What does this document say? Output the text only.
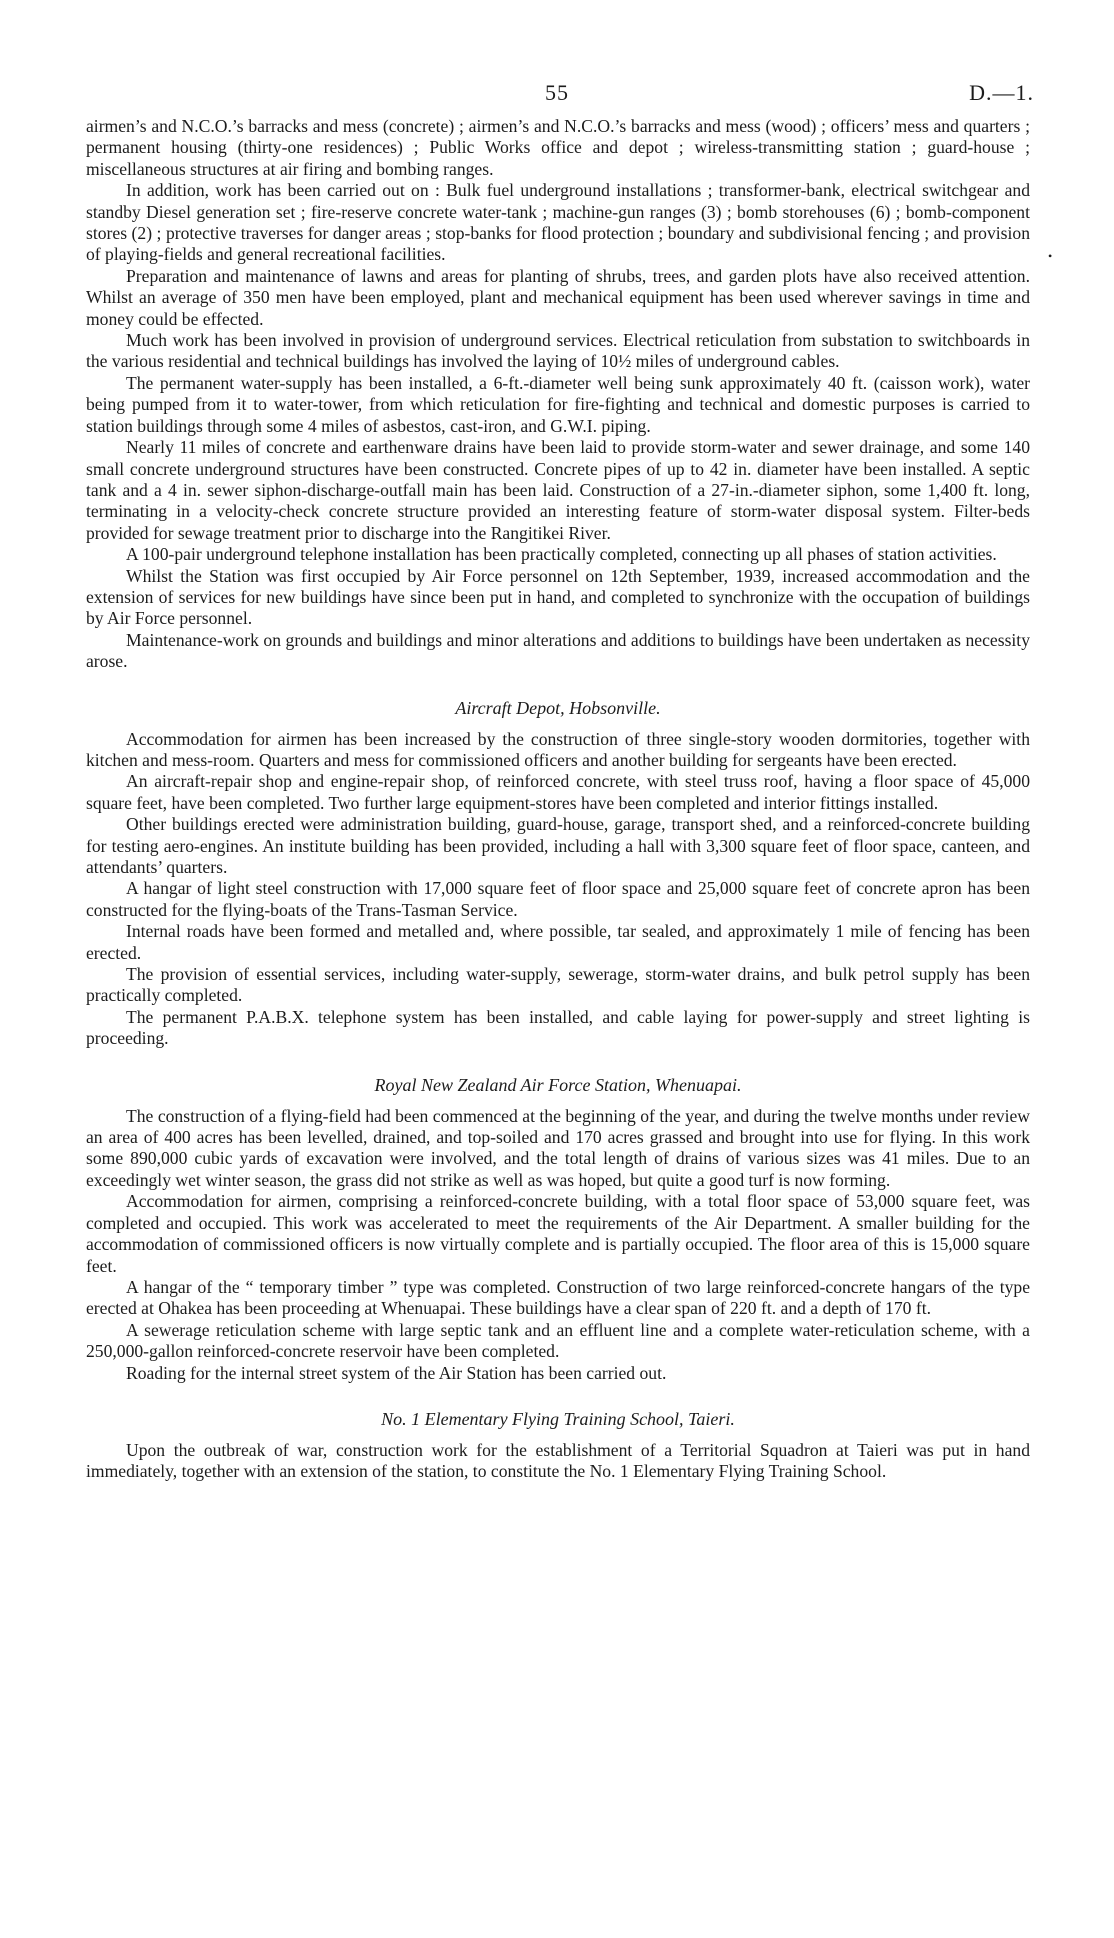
55	D.—1.
•

airmen’s and N.C.O.’s barracks and mess (concrete) ; airmen’s and N.C.O.’s barracks and mess (wood) ; officers’ mess and quarters ; permanent housing (thirty-one residences) ; Public Works office and depot ; wireless-transmitting station ; guard-house ; miscellaneous structures at air firing and bombing ranges.

In addition, work has been carried out on : Bulk fuel underground installations ; transformer-bank, electrical switchgear and standby Diesel generation set ; fire-reserve concrete water-tank ; machine-gun ranges (3) ; bomb storehouses (6) ; bomb-component stores (2) ; protective traverses for danger areas ; stop-banks for flood protection ; boundary and subdivisional fencing ; and provision of playing-fields and general recreational facilities.

Preparation and maintenance of lawns and areas for planting of shrubs, trees, and garden plots have also received attention. Whilst an average of 350 men have been employed, plant and mechanical equipment has been used wherever savings in time and money could be effected.

Much work has been involved in provision of underground services. Electrical reticulation from substation to switchboards in the various residential and technical buildings has involved the laying of 10½ miles of underground cables.

The permanent water-supply has been installed, a 6-ft.-diameter well being sunk approximately 40 ft. (caisson work), water being pumped from it to water-tower, from which reticulation for fire-fighting and technical and domestic purposes is carried to station buildings through some 4 miles of asbestos, cast-iron, and G.W.I. piping.

Nearly 11 miles of concrete and earthenware drains have been laid to provide storm-water and sewer drainage, and some 140 small concrete underground structures have been constructed. Concrete pipes of up to 42 in. diameter have been installed. A septic tank and a 4 in. sewer siphon-discharge-outfall main has been laid. Construction of a 27-in.-diameter siphon, some 1,400 ft. long, terminating in a velocity-check concrete structure provided an interesting feature of storm-water disposal system. Filter-beds provided for sewage treatment prior to discharge into the Rangitikei River.

A 100-pair underground telephone installation has been practically completed, connecting up all phases of station activities.

Whilst the Station was first occupied by Air Force personnel on 12th September, 1939, increased accommodation and the extension of services for new buildings have since been put in hand, and completed to synchronize with the occupation of buildings by Air Force personnel.

Maintenance-work on grounds and buildings and minor alterations and additions to buildings have been undertaken as necessity arose.

Aircraft Depot, Hobsonville.

Accommodation for airmen has been increased by the construction of three single-story wooden dormitories, together with kitchen and mess-room. Quarters and mess for commissioned officers and another building for sergeants have been erected.

An aircraft-repair shop and engine-repair shop, of reinforced concrete, with steel truss roof, having a floor space of 45,000 square feet, have been completed. Two further large equipment-stores have been completed and interior fittings installed.

Other buildings erected were administration building, guard-house, garage, transport shed, and a reinforced-concrete building for testing aero-engines. An institute building has been provided, including a hall with 3,300 square feet of floor space, canteen, and attendants’ quarters.

A hangar of light steel construction with 17,000 square feet of floor space and 25,000 square feet of concrete apron has been constructed for the flying-boats of the Trans-Tasman Service.

Internal roads have been formed and metalled and, where possible, tar sealed, and approximately 1 mile of fencing has been erected.

The provision of essential services, including water-supply, sewerage, storm-water drains, and bulk petrol supply has been practically completed.

The permanent P.A.B.X. telephone system has been installed, and cable laying for power-supply and street lighting is proceeding.

Royal New Zealand Air Force Station, Whenuapai.

The construction of a flying-field had been commenced at the beginning of the year, and during the twelve months under review an area of 400 acres has been levelled, drained, and top-soiled and 170 acres grassed and brought into use for flying. In this work some 890,000 cubic yards of excavation were involved, and the total length of drains of various sizes was 41 miles. Due to an exceedingly wet winter season, the grass did not strike as well as was hoped, but quite a good turf is now forming.

Accommodation for airmen, comprising a reinforced-concrete building, with a total floor space of 53,000 square feet, was completed and occupied. This work was accelerated to meet the requirements of the Air Department. A smaller building for the accommodation of commissioned officers is now virtually complete and is partially occupied. The floor area of this is 15,000 square feet.

A hangar of the “ temporary timber ” type was completed. Construction of two large reinforced-concrete hangars of the type erected at Ohakea has been proceeding at Whenuapai. These buildings have a clear span of 220 ft. and a depth of 170 ft.

A sewerage reticulation scheme with large septic tank and an effluent line and a complete water-reticulation scheme, with a 250,000-gallon reinforced-concrete reservoir have been completed.

Roading for the internal street system of the Air Station has been carried out.

No. 1 Elementary Flying Training School, Taieri.

Upon the outbreak of war, construction work for the establishment of a Territorial Squadron at Taieri was put in hand immediately, together with an extension of the station, to constitute the No. 1 Elementary Flying Training School.
